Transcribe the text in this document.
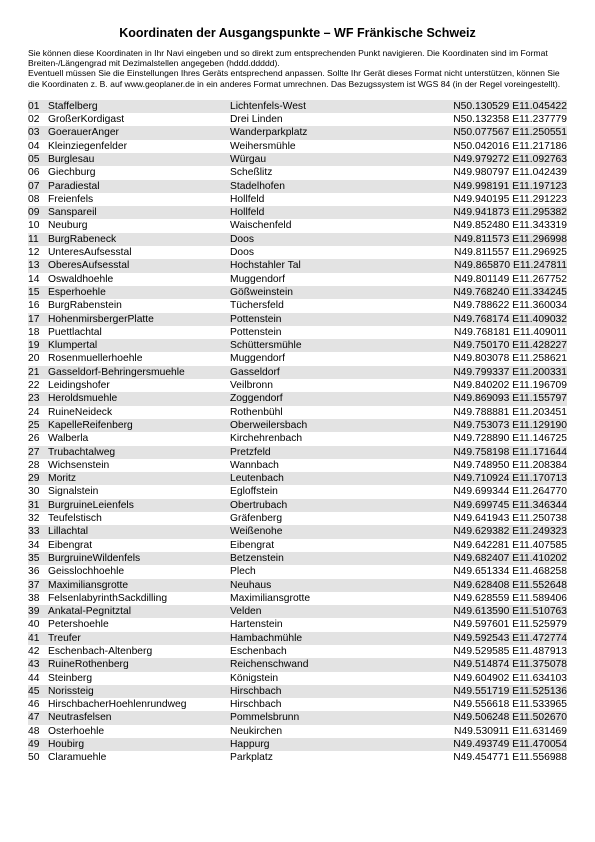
Koordinaten der Ausgangspunkte – WF Fränkische Schweiz

Sie können diese Koordinaten in Ihr Navi eingeben und so direkt zum entsprechenden Punkt navigieren. Die Koordinaten sind im Format Breiten-/Längengrad mit Dezimalstellen angegeben (hddd.ddddd).

Eventuell müssen Sie die Einstellungen Ihres Geräts entsprechend anpassen. Sollte Ihr Gerät dieses Format nicht unterstützen, können Sie die Koordinaten z. B. auf www.geoplaner.de in ein anderes Format umrechnen. Das Bezugssystem ist WGS 84 (in der Regel voreingestellt).

01	Staffelberg	Lichtenfels-West	N50.130529 E11.045422
02	GroßerKordigast	Drei Linden	N50.132358 E11.237779
03	GoerauerAnger	Wanderparkplatz	N50.077567 E11.250551
04	Kleinziegenfelder	Weihersmühle	N50.042016 E11.217186
05	Burglesau	Würgau	N49.979272 E11.092763
06	Giechburg	Scheßlitz	N49.980797 E11.042439
07	Paradiestal	Stadelhofen	N49.998191 E11.197123
08	Freienfels	Hollfeld	N49.940195 E11.291223
09	Sanspareil	Hollfeld	N49.941873 E11.295382
10	Neuburg	Waischenfeld	N49.852480 E11.343319
11	BurgRabeneck	Doos	N49.811573 E11.296998
12	UnteresAufsesstal	Doos	N49.811557 E11.296925
13	OberesAufsesstal	Hochstahler Tal	N49.865870 E11.247811
14	Oswaldhoehle	Muggendorf	N49.801149 E11.267752
15	Esperhoehle	Gößweinstein	N49.768240 E11.334245
16	BurgRabenstein	Tüchersfeld	N49.788622 E11.360034
17	HohenmirsbergerPlatte	Pottenstein	N49.768174 E11.409032
18	Puettlachtal	Pottenstein	N49.768181 E11.409011
19	Klumpertal	Schüttersmühle	N49.750170 E11.428227
20	Rosenmuellerhoehle	Muggendorf	N49.803078 E11.258621
21	Gasseldorf-Behringersmuehle	Gasseldorf	N49.799337 E11.200331
22	Leidingshofer	Veilbronn	N49.840202 E11.196709
23	Heroldsmuehle	Zoggendorf	N49.869093 E11.155797
24	RuineNeideck	Rothenbühl	N49.788881 E11.203451
25	KapelleReifenberg	Oberweilersbach	N49.753073 E11.129190
26	Walberla	Kirchehrenbach	N49.728890 E11.146725
27	Trubachtalweg	Pretzfeld	N49.758198 E11.171644
28	Wichsenstein	Wannbach	N49.748950 E11.208384
29	Moritz	Leutenbach	N49.710924 E11.170713
30	Signalstein	Egloffstein	N49.699344 E11.264770
31	BurgruineLeienfels	Obertrubach	N49.699745 E11.346344
32	Teufelstisch	Gräfenberg	N49.641943 E11.250738
33	Lillachtal	Weißenohe	N49.629382 E11.249323
34	Eibengrat	Eibengrat	N49.642281 E11.407585
35	BurgruineWildenfels	Betzenstein	N49.682407 E11.410202
36	Geisslochhoehle	Plech	N49.651334 E11.468258
37	Maximiliansgrotte	Neuhaus	N49.628408 E11.552648
38	FelsenlabyrinthSackdilling	Maximiliansgrotte	N49.628559 E11.589406
39	Ankatal-Pegnitztal	Velden	N49.613590 E11.510763
40	Petershoehle	Hartenstein	N49.597601 E11.525979
41	Treufer	Hambachmühle	N49.592543 E11.472774
42	Eschenbach-Altenberg	Eschenbach	N49.529585 E11.487913
43	RuineRothenberg	Reichenschwand	N49.514874 E11.375078
44	Steinberg	Königstein	N49.604902 E11.634103
45	Norissteig	Hirschbach	N49.551719 E11.525136
46	HirschbacherHoehlenrundweg	Hirschbach	N49.556618 E11.533965
47	Neutrasfelsen	Pommelsbrunn	N49.506248 E11.502670
48	Osterhoehle	Neukirchen	N49.530911 E11.631469
49	Houbirg	Happurg	N49.493749 E11.470054
50	Claramuehle	Parkplatz	N49.454771 E11.556988
